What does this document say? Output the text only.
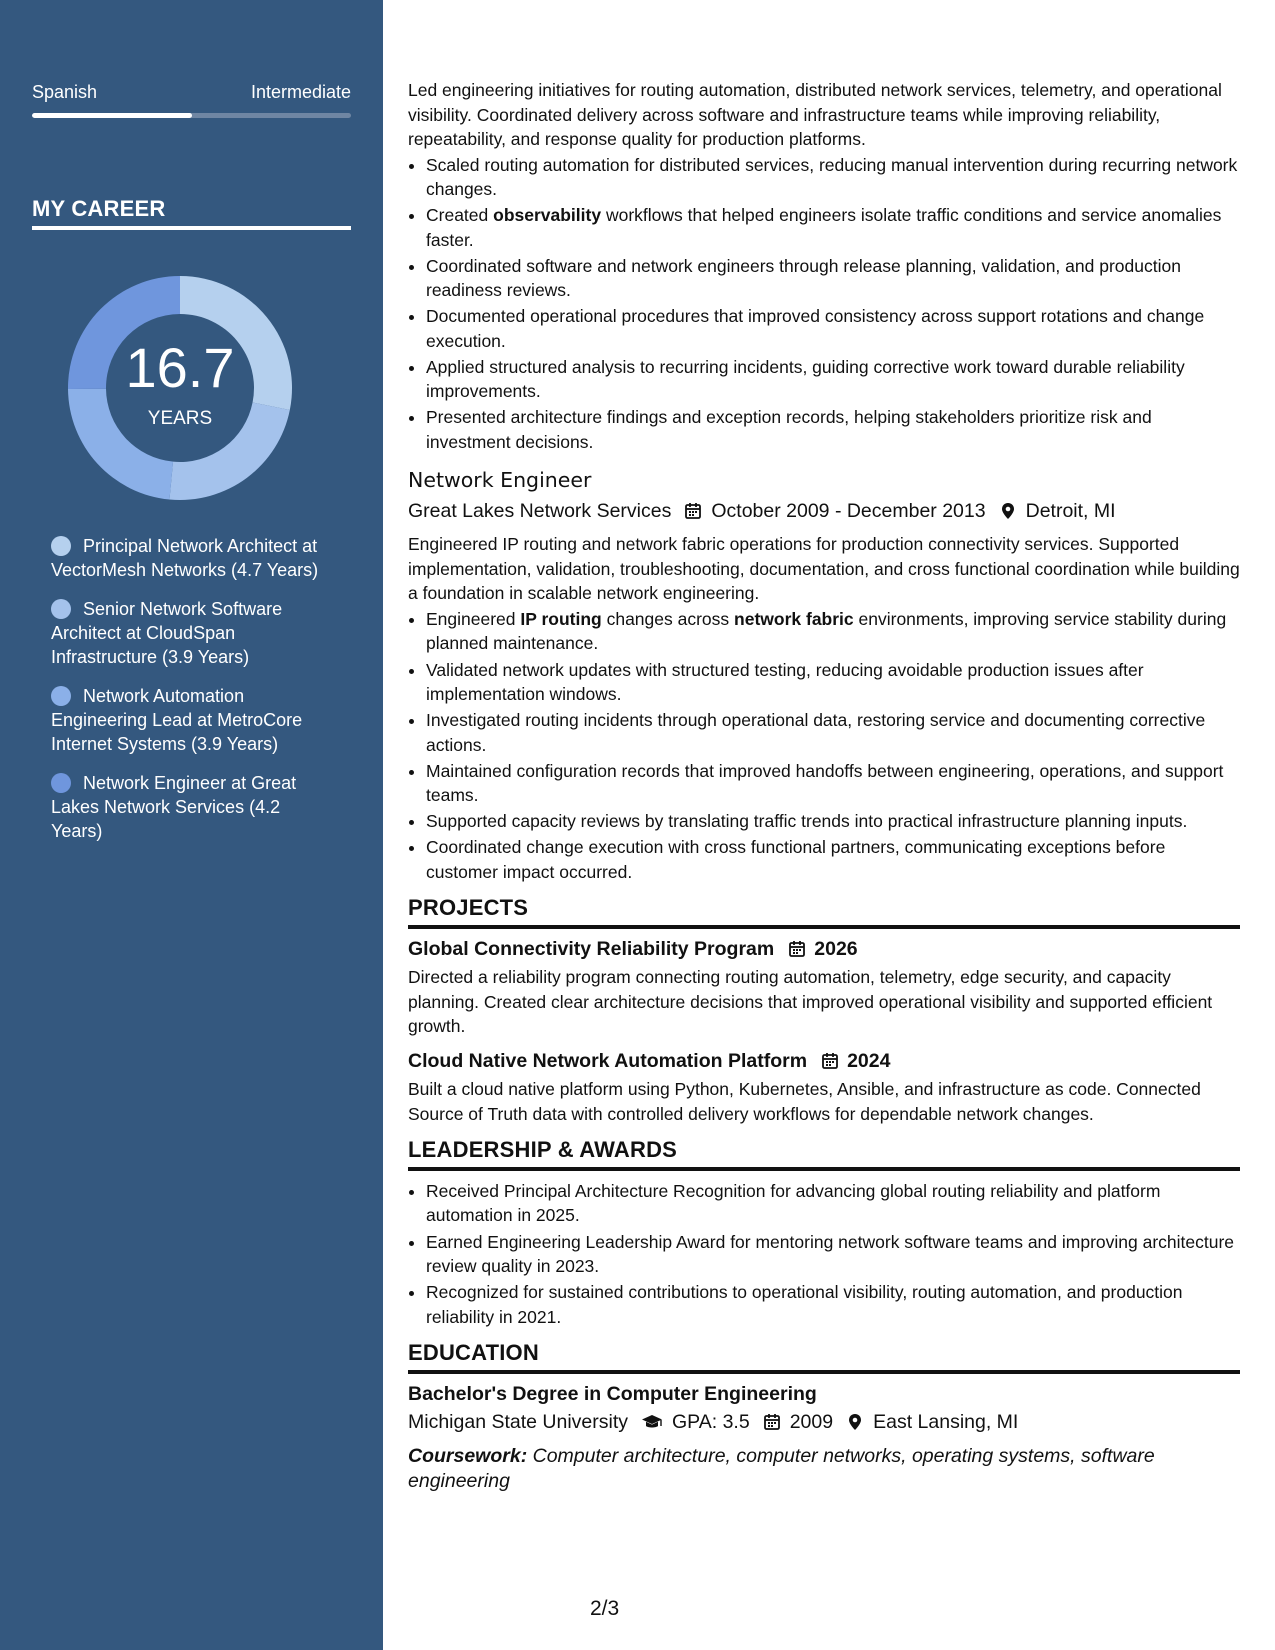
Spanish	Intermediate
MY CAREER
16.7
YEARS
Principal Network Architect at VectorMesh Networks (4.7 Years)
Senior Network Software Architect at CloudSpan Infrastructure (3.9 Years)
Network Automation Engineering Lead at MetroCore Internet Systems (3.9 Years)
Network Engineer at Great Lakes Network Services (4.2 Years)

Led engineering initiatives for routing automation, distributed network services, telemetry, and operational visibility. Coordinated delivery across software and infrastructure teams while improving reliability, repeatability, and response quality for production platforms.

• Scaled routing automation for distributed services, reducing manual intervention during recurring network changes.
• Created observability workflows that helped engineers isolate traffic conditions and service anomalies faster.
• Coordinated software and network engineers through release planning, validation, and production readiness reviews.
• Documented operational procedures that improved consistency across support rotations and change execution.
• Applied structured analysis to recurring incidents, guiding corrective work toward durable reliability improvements.
• Presented architecture findings and exception records, helping stakeholders prioritize risk and investment decisions.
Network Engineer
Great Lakes Network Services October 2009 - December 2013 Detroit, MI

Engineered IP routing and network fabric operations for production connectivity services. Supported implementation, validation, troubleshooting, documentation, and cross functional coordination while building a foundation in scalable network engineering.

• Engineered IP routing changes across network fabric environments, improving service stability during planned maintenance.
• Validated network updates with structured testing, reducing avoidable production issues after implementation windows.
• Investigated routing incidents through operational data, restoring service and documenting corrective actions.
• Maintained configuration records that improved handoffs between engineering, operations, and support teams.
• Supported capacity reviews by translating traffic trends into practical infrastructure planning inputs.
• Coordinated change execution with cross functional partners, communicating exceptions before customer impact occurred.
PROJECTS
Global Connectivity Reliability Program 2026

Directed a reliability program connecting routing automation, telemetry, edge security, and capacity planning. Created clear architecture decisions that improved operational visibility and supported efficient growth.

Cloud Native Network Automation Platform 2024

Built a cloud native platform using Python, Kubernetes, Ansible, and infrastructure as code. Connected Source of Truth data with controlled delivery workflows for dependable network changes.

LEADERSHIP & AWARDS
• Received Principal Architecture Recognition for advancing global routing reliability and platform automation in 2025.
• Earned Engineering Leadership Award for mentoring network software teams and improving architecture review quality in 2023.
• Recognized for sustained contributions to operational visibility, routing automation, and production reliability in 2021.
EDUCATION
Bachelor's Degree in Computer Engineering
Michigan State University GPA: 3.5 2009 East Lansing, MI

Coursework: Computer architecture, computer networks, operating systems, software engineering

2/3
